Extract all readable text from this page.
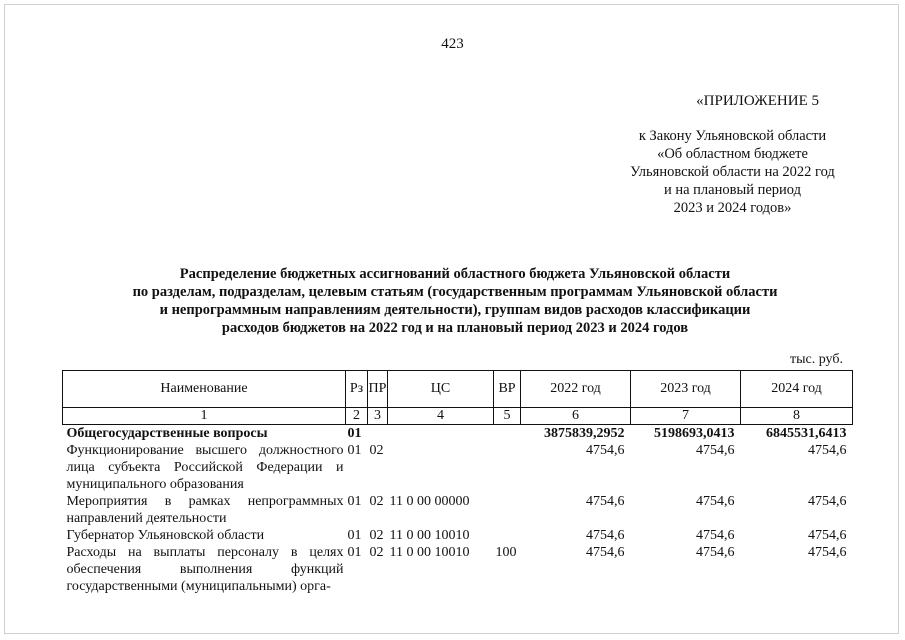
423
«ПРИЛОЖЕНИЕ 5
к Закону Ульяновской области
«Об областном бюджете
Ульяновской области на 2022 год
и на плановый период
2023 и 2024 годов»
Распределение бюджетных ассигнований областного бюджета Ульяновской области
по разделам, подразделам, целевым статьям (государственным программам Ульяновской области
и непрограммным направлениям деятельности), группам видов расходов классификации
расходов бюджетов на 2022 год и на плановый период 2023 и 2024 годов
тыс. руб.
Наименование	Рз	ПР	ЦС	ВР	2022 год	2023 год	2024 год
1	2	3	4	5	6	7	8
Общегосударственные вопросы	01				3875839,2952	5198693,0413	6845531,6413
Функционирование высшего должностного лица субъекта Российской Федерации и муниципального образования	01	02			4754,6	4754,6	4754,6
Мероприятия в рамках непрограммных направлений деятельности	01	02	11 0 00 00000		4754,6	4754,6	4754,6
Губернатор Ульяновской области	01	02	11 0 00 10010		4754,6	4754,6	4754,6
Расходы на выплаты персоналу в целях обеспечения выполнения функций государственными (муниципальными) орга-	01	02	11 0 00 10010	100	4754,6	4754,6	4754,6
